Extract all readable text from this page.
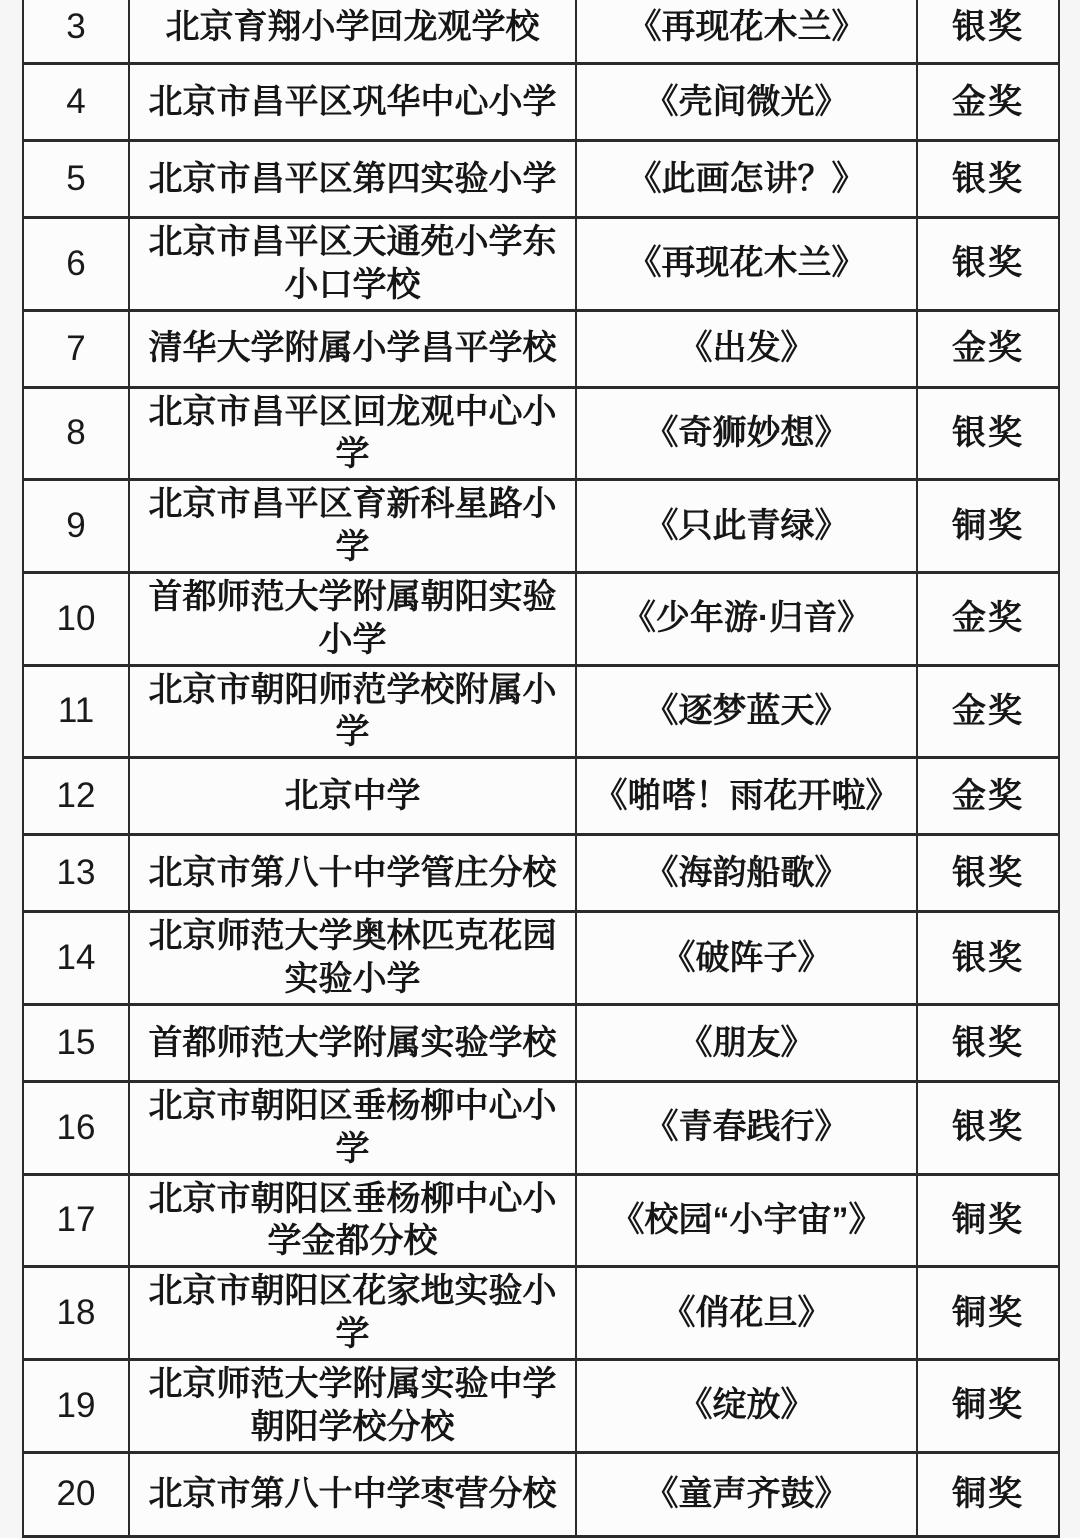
3	北京育翔小学回龙观学校	《再现花木兰》	银奖
4	北京市昌平区巩华中心小学	《壳间微光》	金奖
5	北京市昌平区第四实验小学	《此画怎讲？》	银奖
6	北京市昌平区天通苑小学东小口学校	《再现花木兰》	银奖
7	清华大学附属小学昌平学校	《出发》	金奖
8	北京市昌平区回龙观中心小学	《奇狮妙想》	银奖
9	北京市昌平区育新科星路小学	《只此青绿》	铜奖
10	首都师范大学附属朝阳实验小学	《少年游·归音》	金奖
11	北京市朝阳师范学校附属小学	《逐梦蓝天》	金奖
12	北京中学	《啪嗒！雨花开啦》	金奖
13	北京市第八十中学管庄分校	《海韵船歌》	银奖
14	北京师范大学奥林匹克花园实验小学	《破阵子》	银奖
15	首都师范大学附属实验学校	《朋友》	银奖
16	北京市朝阳区垂杨柳中心小学	《青春践行》	银奖
17	北京市朝阳区垂杨柳中心小学金都分校	《校园“小宇宙”》	铜奖
18	北京市朝阳区花家地实验小学	《俏花旦》	铜奖
19	北京师范大学附属实验中学朝阳学校分校	《绽放》	铜奖
20	北京市第八十中学枣营分校	《童声齐鼓》	铜奖
